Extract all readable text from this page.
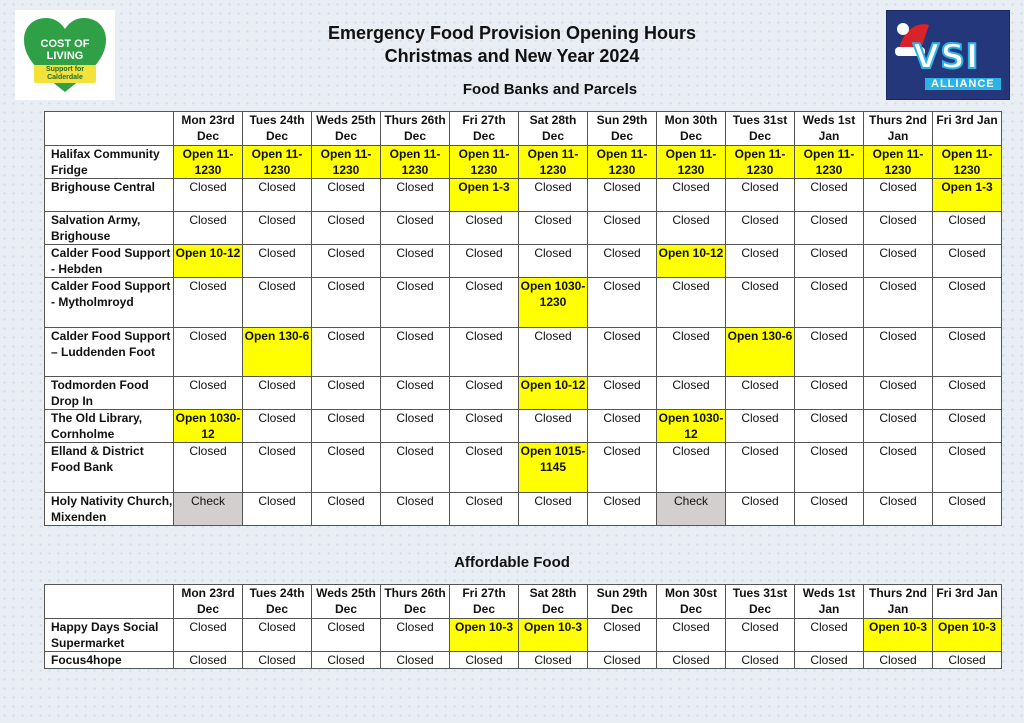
COST OF
LIVING
Support for Calderdale
VSI
ALLIANCE
Emergency Food Provision Opening Hours
Christmas and New Year 2024
Food Banks and Parcels
	Mon 23rd Dec	Tues 24th Dec	Weds 25th Dec	Thurs 26th Dec	Fri 27th Dec	Sat 28th Dec	Sun 29th Dec	Mon 30th Dec	Tues 31st Dec	Weds 1st Jan	Thurs 2nd Jan	Fri 3rd Jan
Halifax Community Fridge	Open 11-1230	Open 11-1230	Open 11-1230	Open 11-1230	Open 11-1230	Open 11-1230	Open 11-1230	Open 11-1230	Open 11-1230	Open 11-1230	Open 11-1230	Open 11-1230
Brighouse Central	Closed	Closed	Closed	Closed	Open 1-3	Closed	Closed	Closed	Closed	Closed	Closed	Open 1-3
Salvation Army, Brighouse	Closed	Closed	Closed	Closed	Closed	Closed	Closed	Closed	Closed	Closed	Closed	Closed
Calder Food Support - Hebden	Open 10-12	Closed	Closed	Closed	Closed	Closed	Closed	Open 10-12	Closed	Closed	Closed	Closed
Calder Food Support - Mytholmroyd	Closed	Closed	Closed	Closed	Closed	Open 1030-1230	Closed	Closed	Closed	Closed	Closed	Closed
Calder Food Support – Luddenden Foot	Closed	Open 130-6	Closed	Closed	Closed	Closed	Closed	Closed	Open 130-6	Closed	Closed	Closed
Todmorden Food Drop In	Closed	Closed	Closed	Closed	Closed	Open 10-12	Closed	Closed	Closed	Closed	Closed	Closed
The Old Library, Cornholme	Open 1030-12	Closed	Closed	Closed	Closed	Closed	Closed	Open 1030-12	Closed	Closed	Closed	Closed
Elland & District Food Bank	Closed	Closed	Closed	Closed	Closed	Open 1015-1145	Closed	Closed	Closed	Closed	Closed	Closed
Holy Nativity Church, Mixenden	Check	Closed	Closed	Closed	Closed	Closed	Closed	Check	Closed	Closed	Closed	Closed
Affordable Food
	Mon 23rd Dec	Tues 24th Dec	Weds 25th Dec	Thurs 26th Dec	Fri 27th Dec	Sat 28th Dec	Sun 29th Dec	Mon 30st Dec	Tues 31st Dec	Weds 1st Jan	Thurs 2nd Jan	Fri 3rd Jan
Happy Days Social Supermarket	Closed	Closed	Closed	Closed	Open 10-3	Open 10-3	Closed	Closed	Closed	Closed	Open 10-3	Open 10-3
Focus4hope	Closed	Closed	Closed	Closed	Closed	Closed	Closed	Closed	Closed	Closed	Closed	Closed
